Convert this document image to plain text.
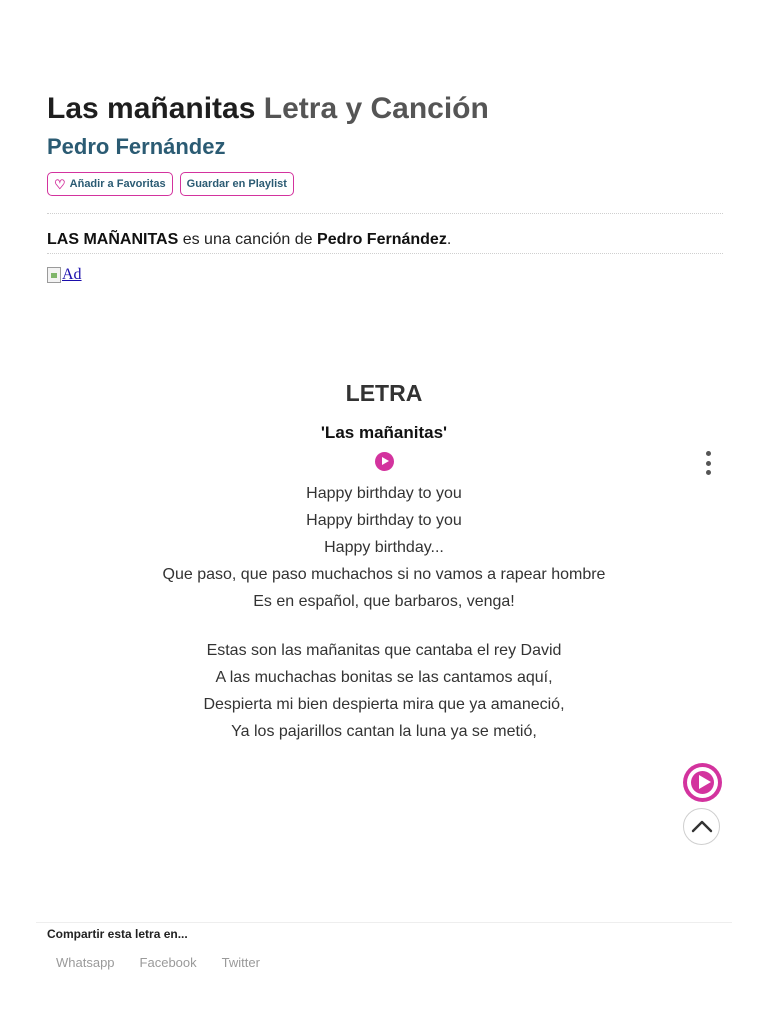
Las mañanitas Letra y Canción
Pedro Fernández
♡ Añadir a Favoritas Guardar en Playlist
LAS MAÑANITAS es una canción de Pedro Fernández.
Ad
LETRA
'Las mañanitas'
Happy birthday to you
Happy birthday to you
Happy birthday...
Que paso, que paso muchachos si no vamos a rapear hombre
Es en español, que barbaros, venga!
Estas son las mañanitas que cantaba el rey David
A las muchachas bonitas se las cantamos aquí,
Despierta mi bien despierta mira que ya amaneció,
Ya los pajarillos cantan la luna ya se metió,
Compartir esta letra en...
Whatsapp Facebook Twitter
